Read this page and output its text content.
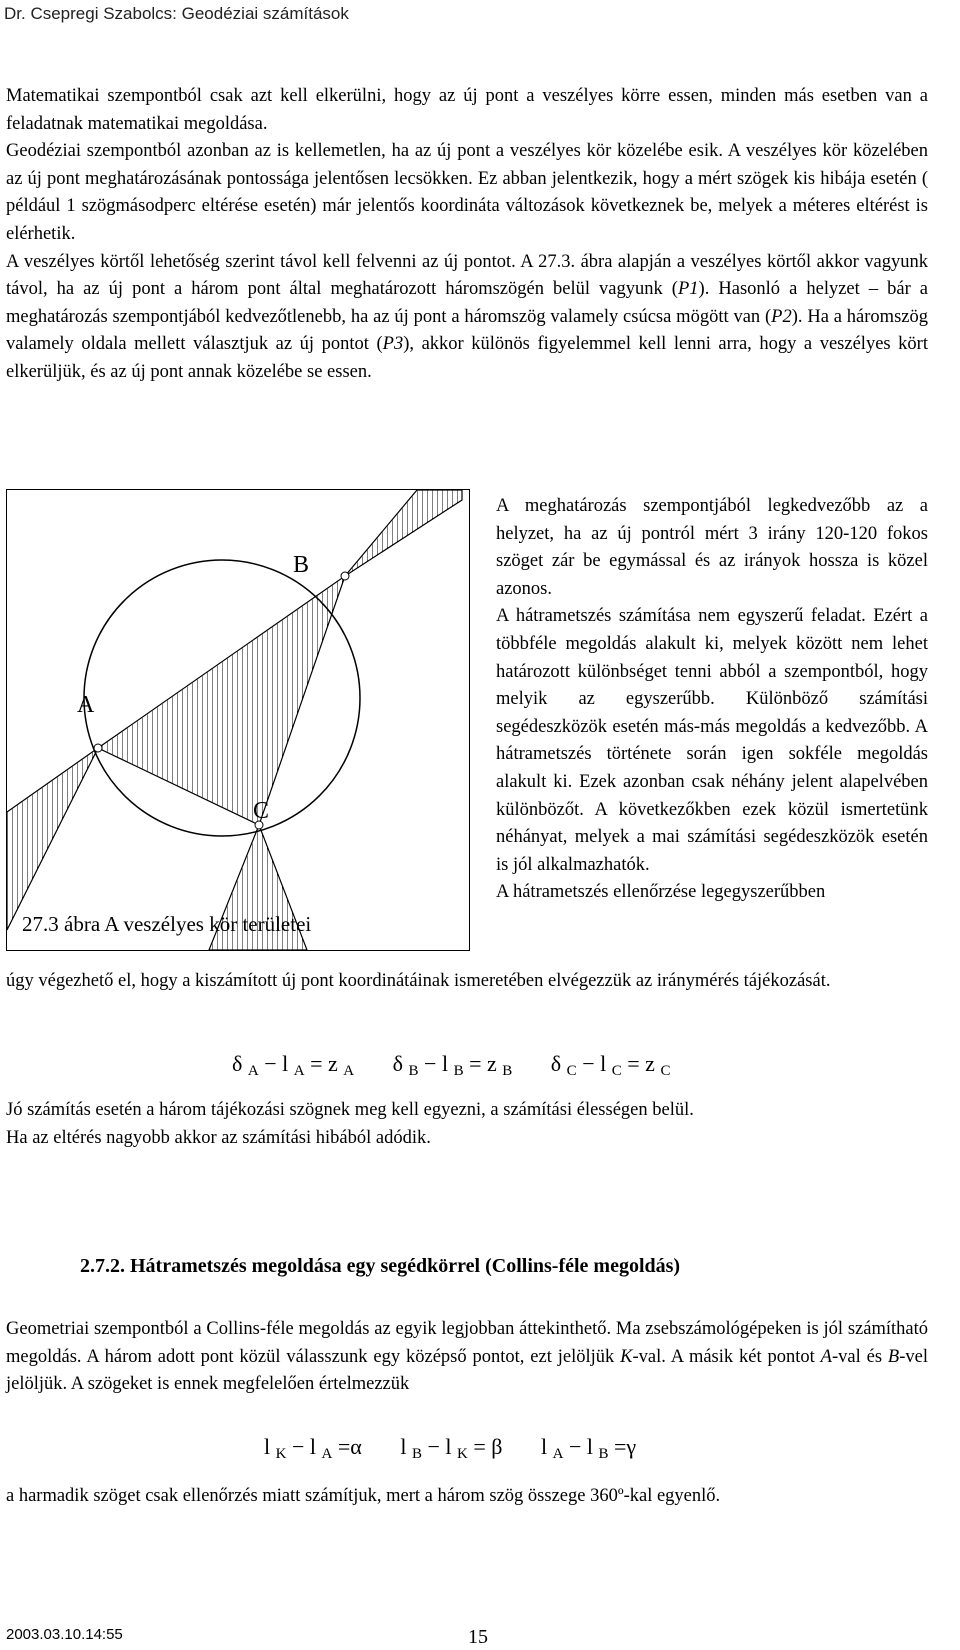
Dr. Csepregi Szabolcs: Geodéziai számítások

Matematikai szempontból csak azt kell elkerülni, hogy az új pont a veszélyes körre essen, minden más esetben van a feladatnak matematikai megoldása.

Geodéziai szempontból azonban az is kellemetlen, ha az új pont a veszélyes kör közelébe esik. A veszélyes kör közelében az új pont meghatározásának pontossága jelentősen lecsökken. Ez abban jelentkezik, hogy a mért szögek kis hibája esetén ( például 1 szögmásodperc eltérése esetén) már jelentős koordináta változások következnek be, melyek a méteres eltérést is elérhetik.

A veszélyes körtől lehetőség szerint távol kell felvenni az új pontot. A 27.3. ábra alapján a veszélyes körtől akkor vagyunk távol, ha az új pont a három pont által meghatározott háromszögén belül vagyunk (P1). Hasonló a helyzet – bár a meghatározás szempontjából kedvezőtlenebb, ha az új pont a háromszög valamely csúcsa mögött van (P2). Ha a háromszög valamely oldala mellett választjuk az új pontot (P3), akkor különös figyelemmel kell lenni arra, hogy a veszélyes kört elkerüljük, és az új pont annak közelébe se essen.

A
B
C
27.3 ábra A veszélyes kör területei

A meghatározás szempontjából legkedvezőbb az a helyzet, ha az új pontról mért 3 irány 120-120 fokos szöget zár be egymással és az irányok hossza is közel azonos.

A hátrametszés számítása nem egyszerű feladat. Ezért a többféle megoldás alakult ki, melyek között nem lehet határozott különbséget tenni abból a szempontból, hogy melyik az egyszerűbb. Különböző számítási segédeszközök esetén más-más megoldás a kedvezőbb. A hátrametszés története során igen sokféle megoldás alakult ki. Ezek azonban csak néhány jelent alapelvében különbözőt. A következőkben ezek közül ismertetünk néhányat, melyek a mai számítási segédeszközök esetén is jól alkalmazhatók.

A hátrametszés ellenőrzése legegyszerűbben

úgy végezhető el, hogy a kiszámított új pont koordinátáinak ismeretében elvégezzük az iránymérés tájékozását.

δ $_A$ − l $_A$ = z $_A$ δ $_B$ − l $_B$ = z $_B$ δ $_C$ − l $_C$ = z $_C$

Jó számítás esetén a három tájékozási szögnek meg kell egyezni, a számítási élességen belül.

Ha az eltérés nagyobb akkor az számítási hibából adódik.

2.7.2. Hátrametszés megoldása egy segédkörrel (Collins-féle megoldás)

Geometriai szempontból a Collins-féle megoldás az egyik legjobban áttekinthető. Ma zsebszámológépeken is jól számítható megoldás. A három adott pont közül válasszunk egy középső pontot, ezt jelöljük K-val. A másik két pontot A-val és B-vel jelöljük. A szögeket is ennek megfelelően értelmezzük

l $_K$ − l $_A$ =α l $_B$ − l $_K$ = β l $_A$ − l $_B$ =γ

a harmadik szöget csak ellenőrzés miatt számítjuk, mert a három szög összege 360º-kal egyenlő.

2003.03.10.14:55	15
